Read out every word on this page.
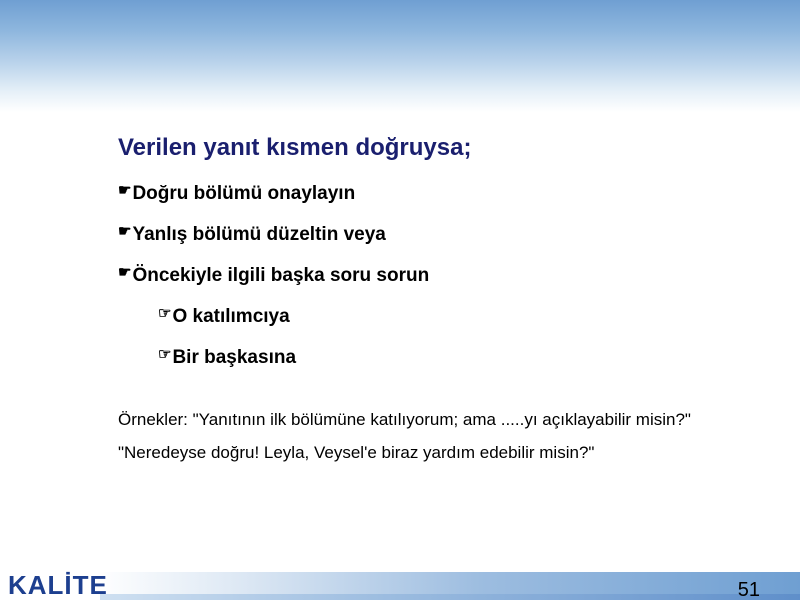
Verilen yanıt kısmen doğruysa;
☛ Doğru bölümü onaylayın
☛ Yanlış bölümü düzeltin veya
☛ Öncekiyle ilgili başka soru sorun
☞ O katılımcıya
☞ Bir başkasına

Örnekler: "Yanıtının ilk bölümüne katılıyorum; ama .....yı açıklayabilir misin?"

"Neredeyse doğru! Leyla, Veysel'e biraz yardım edebilir misin?"

KALİTE	51
